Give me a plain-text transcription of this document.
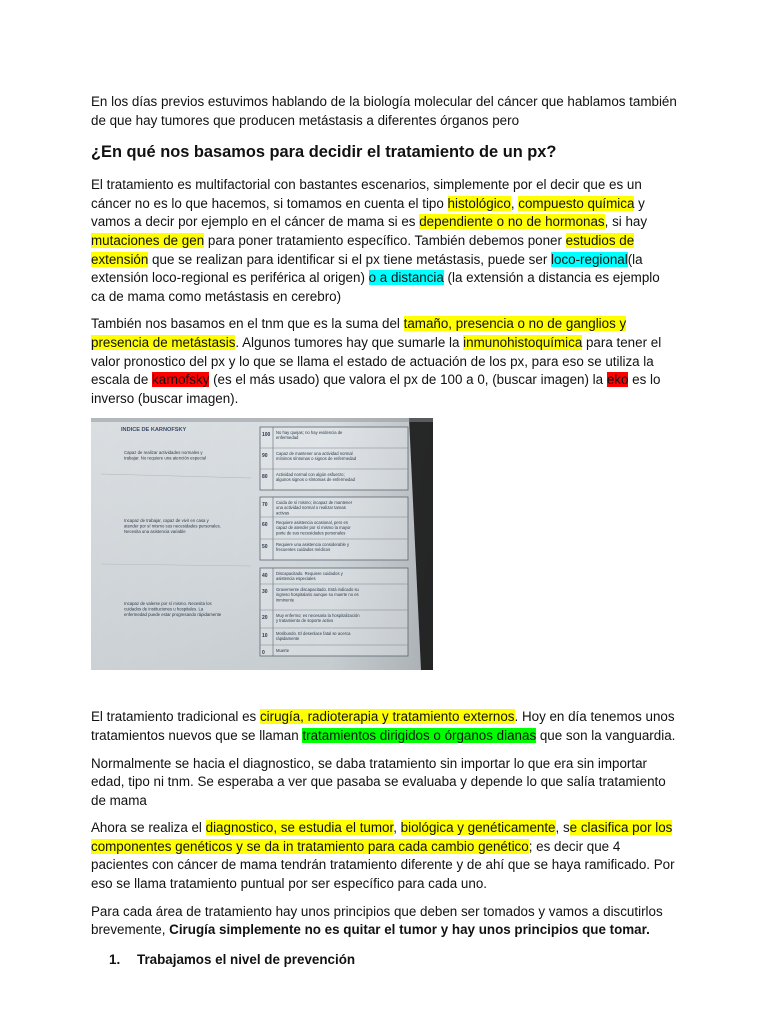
En los días previos estuvimos hablando de la biología molecular del cáncer que hablamos también de que hay tumores que producen metástasis a diferentes órganos pero

¿En qué nos basamos para decidir el tratamiento de un px?

El tratamiento es multifactorial con bastantes escenarios, simplemente por el decir que es un cáncer no es lo que hacemos, si tomamos en cuenta el tipo histológico, compuesto química y vamos a decir por ejemplo en el cáncer de mama si es dependiente o no de hormonas, si hay mutaciones de gen para poner tratamiento específico. También debemos poner estudios de extensión que se realizan para identificar si el px tiene metástasis, puede ser loco-regional(la extensión loco-regional es periférica al origen) o a distancia (la extensión a distancia es ejemplo ca de mama como metástasis en cerebro)

También nos basamos en el tnm que es la suma del tamaño, presencia o no de ganglios y presencia de metástasis. Algunos tumores hay que sumarle la inmunohistoquímica para tener el valor pronostico del px y lo que se llama el estado de actuación de los px, para eso se utiliza la escala de karnofsky (es el más usado) que valora el px de 100 a 0, (buscar imagen) la eko es lo inverso (buscar imagen).

INDICE DE KARNOFSKY
Capaz de realizar actividades normales y
trabajar. No requiere una atención especial
100 No hay quejas; no hay evidencia de
enfermedad
90 Capaz de mantener una actividad normal
mínimos síntomas o signos de enfermedad
80 Actividad normal con algún esfuerzo;
algunos signos o síntomas de enfermedad
Incapaz de trabajar, capaz de vivir en casa y
atender por sí mismo sus necesidades personales.
Necesita una asistencia variable
70 Cuida de sí mismo; incapaz de mantener
una actividad normal o realizar tareas
activas
60 Requiere asistencia ocasional, pero es
capaz de atender por sí mismo la mayor
parte de sus necesidades personales
50 Requiere una asistencia considerable y
frecuentes cuidados médicos
Incapaz de valerse por sí mismo. Necesita los
cuidados de instituciones u hospitales. La
enfermedad puede estar progresando rápidamente
40 Discapacitado. Requiere cuidados y
asistencia especiales
30 Gravemente discapacitado. Está indicado su
ingreso hospitalario aunque su muerte no es
inminente
20 Muy enfermo; es necesaria la hospitalización
y tratamiento de soporte activo
10 Moribundo. El desenlace fatal se acerca
rápidamente
0	Muerte

El tratamiento tradicional es cirugía, radioterapia y tratamiento externos. Hoy en día tenemos unos tratamientos nuevos que se llaman tratamientos dirigidos o órganos dianas que son la vanguardia.

Normalmente se hacia el diagnostico, se daba tratamiento sin importar lo que era sin importar edad, tipo ni tnm. Se esperaba a ver que pasaba se evaluaba y depende lo que salía tratamiento de mama

Ahora se realiza el diagnostico, se estudia el tumor, biológica y genéticamente, se clasifica por los componentes genéticos y se da in tratamiento para cada cambio genético; es decir que 4 pacientes con cáncer de mama tendrán tratamiento diferente y de ahí que se haya ramificado. Por eso se llama tratamiento puntual por ser específico para cada uno.

Para cada área de tratamiento hay unos principios que deben ser tomados y vamos a discutirlos brevemente, Cirugía simplemente no es quitar el tumor y hay unos principios que tomar.

1.	Trabajamos el nivel de prevención
